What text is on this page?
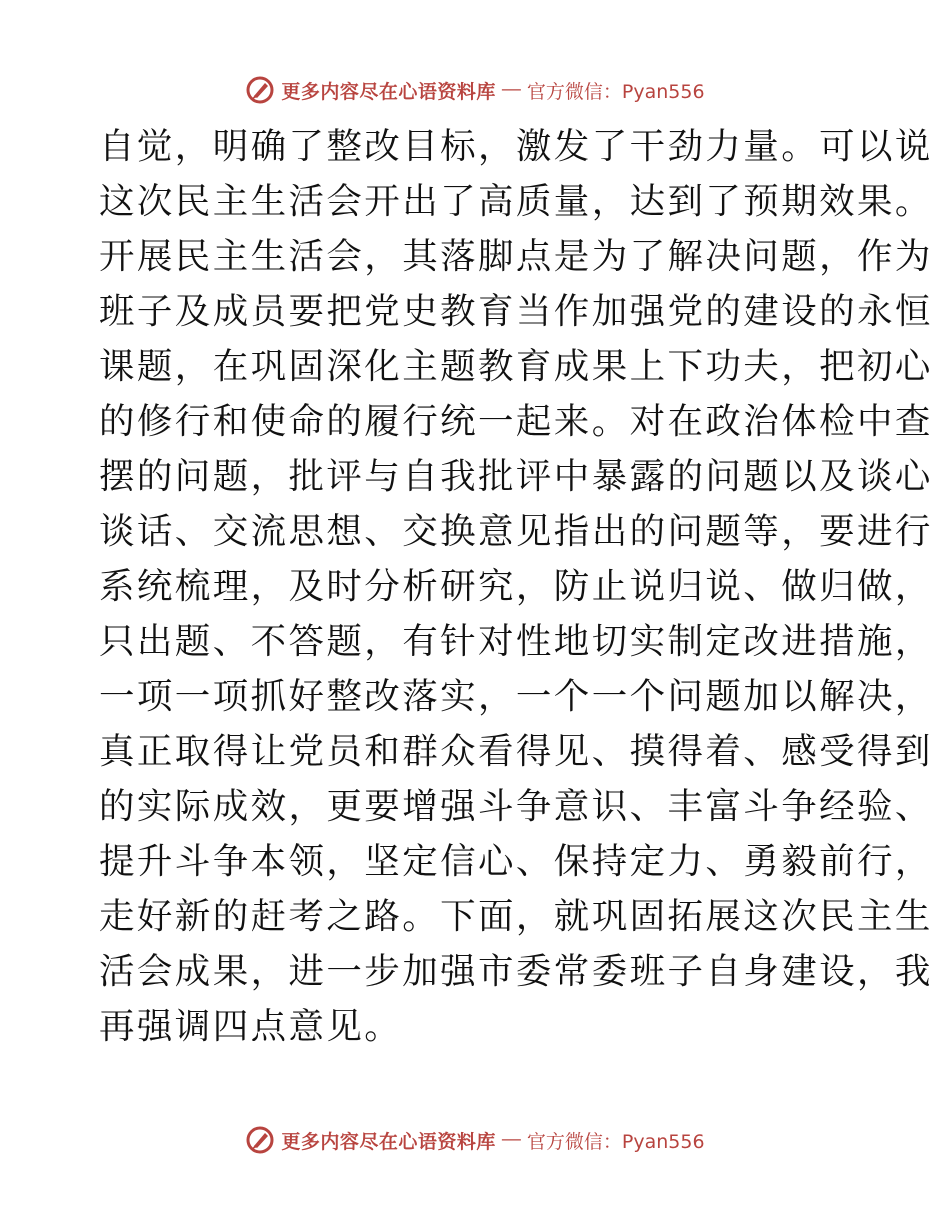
更多内容尽在心语资料库 — 官方微信：Pyan556
自觉，明确了整改目标，激发了干劲力量。可以说
这次民主生活会开出了高质量，达到了预期效果。
开展民主生活会，其落脚点是为了解决问题，作为
班子及成员要把党史教育当作加强党的建设的永恒
课题，在巩固深化主题教育成果上下功夫，把初心
的修行和使命的履行统一起来。对在政治体检中查
摆的问题，批评与自我批评中暴露的问题以及谈心
谈话、交流思想、交换意见指出的问题等，要进行
系统梳理，及时分析研究，防止说归说、做归做，
只出题、不答题，有针对性地切实制定改进措施，
一项一项抓好整改落实，一个一个问题加以解决，
真正取得让党员和群众看得见、摸得着、感受得到
的实际成效，更要增强斗争意识、丰富斗争经验、
提升斗争本领，坚定信心、保持定力、勇毅前行，
走好新的赶考之路。下面，就巩固拓展这次民主生
活会成果，进一步加强市委常委班子自身建设，我
再强调四点意见。
更多内容尽在心语资料库 — 官方微信：Pyan556
